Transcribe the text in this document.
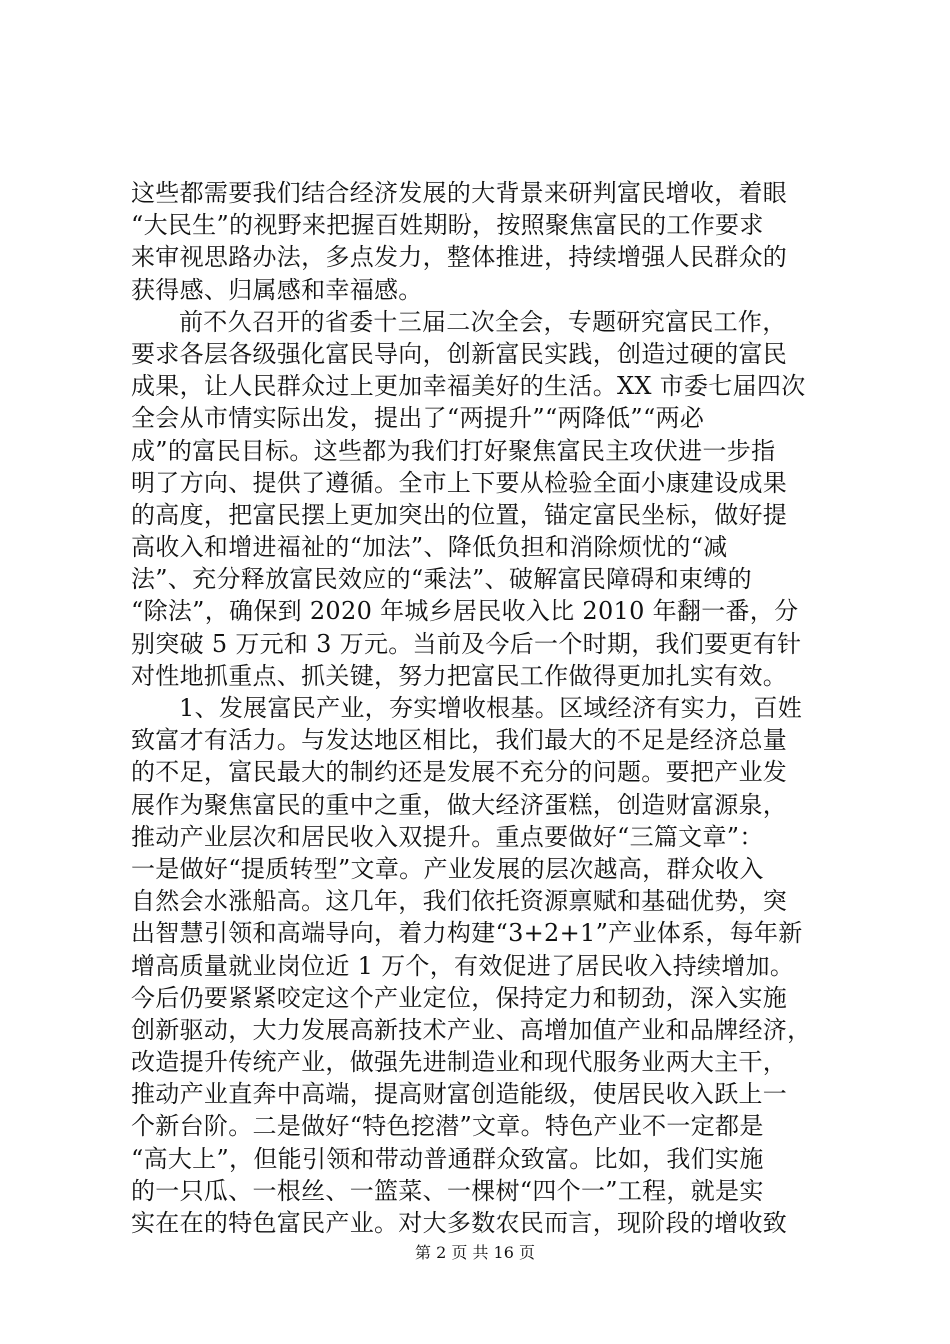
这些都需要我们结合经济发展的大背景来研判富民增收，着眼
“大民生”的视野来把握百姓期盼，按照聚焦富民的工作要求
来审视思路办法，多点发力，整体推进，持续增强人民群众的
获得感、归属感和幸福感。
前不久召开的省委十三届二次全会，专题研究富民工作，
要求各层各级强化富民导向，创新富民实践，创造过硬的富民
成果，让人民群众过上更加幸福美好的生活。XX 市委七届四次
全会从市情实际出发，提出了“两提升”“两降低”“两必
成”的富民目标。这些都为我们打好聚焦富民主攻伏进一步指
明了方向、提供了遵循。全市上下要从检验全面小康建设成果
的高度，把富民摆上更加突出的位置，锚定富民坐标，做好提
高收入和增进福祉的“加法”、降低负担和消除烦忧的“减
法”、充分释放富民效应的“乘法”、破解富民障碍和束缚的
“除法”，确保到 2020 年城乡居民收入比 2010 年翻一番，分
别突破 5 万元和 3 万元。当前及今后一个时期，我们要更有针
对性地抓重点、抓关键，努力把富民工作做得更加扎实有效。
1、发展富民产业，夯实增收根基。区域经济有实力，百姓
致富才有活力。与发达地区相比，我们最大的不足是经济总量
的不足，富民最大的制约还是发展不充分的问题。要把产业发
展作为聚焦富民的重中之重，做大经济蛋糕，创造财富源泉，
推动产业层次和居民收入双提升。重点要做好“三篇文章”：
一是做好“提质转型”文章。产业发展的层次越高，群众收入
自然会水涨船高。这几年，我们依托资源禀赋和基础优势，突
出智慧引领和高端导向，着力构建“3+2+1”产业体系，每年新
增高质量就业岗位近 1 万个，有效促进了居民收入持续增加。
今后仍要紧紧咬定这个产业定位，保持定力和韧劲，深入实施
创新驱动，大力发展高新技术产业、高增加值产业和品牌经济，
改造提升传统产业，做强先进制造业和现代服务业两大主干，
推动产业直奔中高端，提高财富创造能级，使居民收入跃上一
个新台阶。二是做好“特色挖潜”文章。特色产业不一定都是
“高大上”，但能引领和带动普通群众致富。比如，我们实施
的一只瓜、一根丝、一篮菜、一棵树“四个一”工程，就是实
实在在的特色富民产业。对大多数农民而言，现阶段的增收致
第 2 页 共 16 页
